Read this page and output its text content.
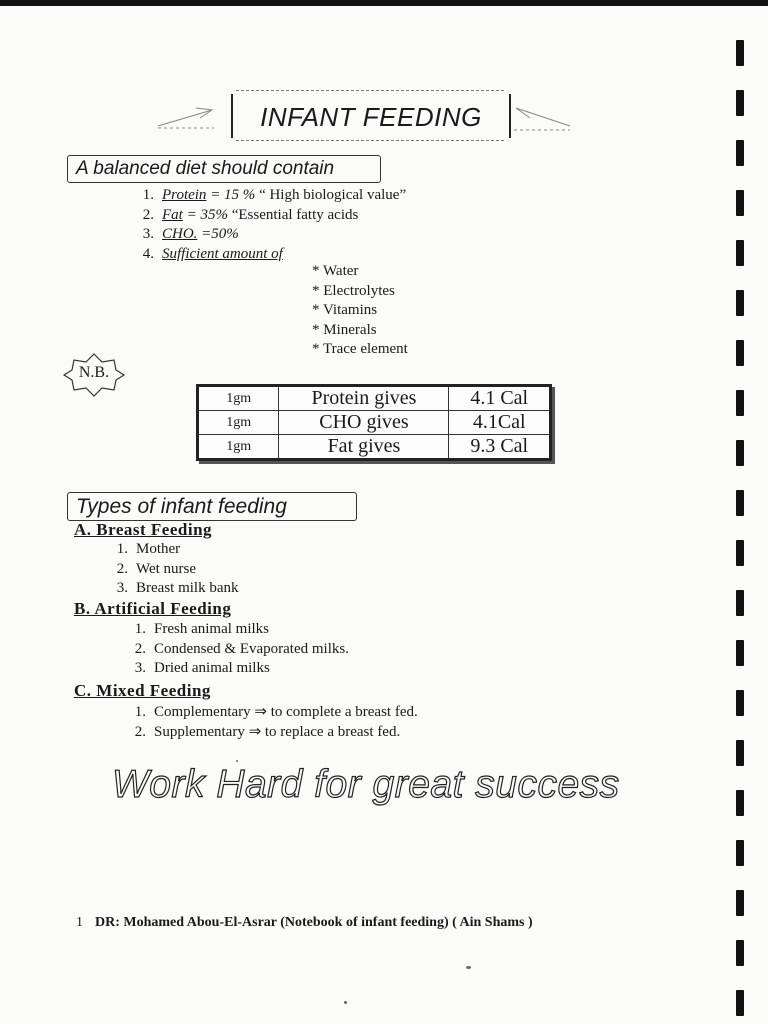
INFANT FEEDING
A balanced diet should contain
1. Protein = 15 % “ High biological value”
2. Fat = 35% “Essential fatty acids
3. CHO. =50%
4. Sufficient amount of
* Water
* Electrolytes
* Vitamins
* Minerals
* Trace element
N.B.
1gm	Protein gives	4.1 Cal
1gm	CHO gives	4.1Cal
1gm	Fat gives	9.3 Cal
Types of infant feeding
A. Breast Feeding
1. Mother
2. Wet nurse
3. Breast milk bank
B. Artificial Feeding
1. Fresh animal milks
2. Condensed & Evaporated milks.
3. Dried animal milks
C. Mixed Feeding
1. Complementary ⇒ to complete a breast fed.
2. Supplementary ⇒ to replace a breast fed.
Work Hard for great success
1 DR: Mohamed Abou-El-Asrar (Notebook of infant feeding) ( Ain Shams )
